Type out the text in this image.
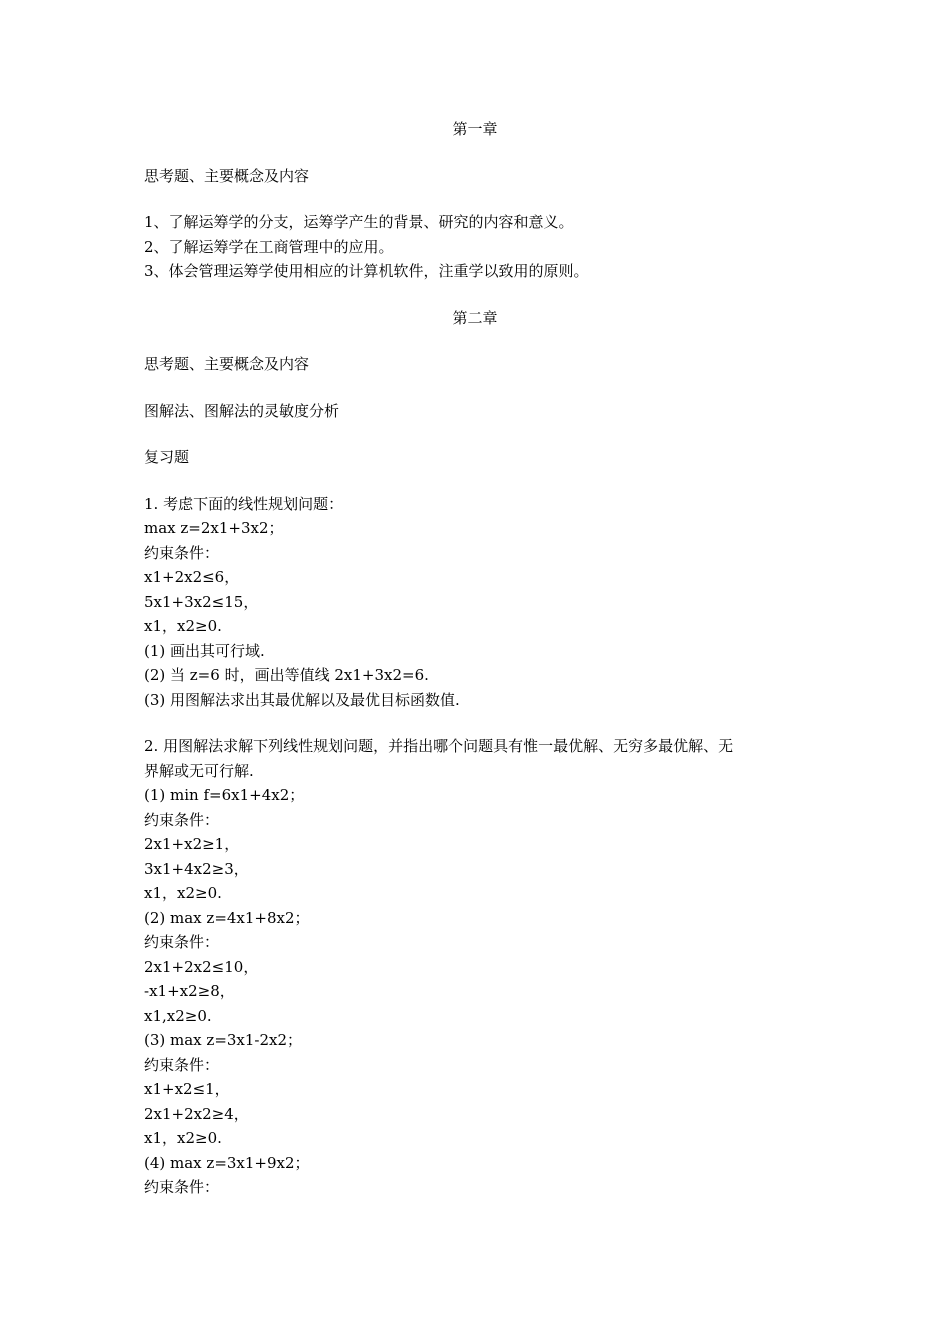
第一章
思考题、主要概念及内容
1、了解运筹学的分支，运筹学产生的背景、研究的内容和意义。
2、了解运筹学在工商管理中的应用。
3、体会管理运筹学使用相应的计算机软件，注重学以致用的原则。
第二章
思考题、主要概念及内容
图解法、图解法的灵敏度分析
复习题
1. 考虑下面的线性规划问题：
max z=2x1+3x2；
约束条件：
x1+2x2≤6，
5x1+3x2≤15，
x1，x2≥0.
(1) 画出其可行域.
(2) 当 z=6 时，画出等值线 2x1+3x2=6.
(3) 用图解法求出其最优解以及最优目标函数值.
2. 用图解法求解下列线性规划问题，并指出哪个问题具有惟一最优解、无穷多最优解、无
界解或无可行解.
(1) min f=6x1+4x2；
约束条件：
2x1+x2≥1，
3x1+4x2≥3，
x1，x2≥0.
(2) max z=4x1+8x2；
约束条件：
2x1+2x2≤10，
-x1+x2≥8，
x1,x2≥0.
(3) max z=3x1-2x2；
约束条件：
x1+x2≤1，
2x1+2x2≥4，
x1，x2≥0.
(4) max z=3x1+9x2；
约束条件：
